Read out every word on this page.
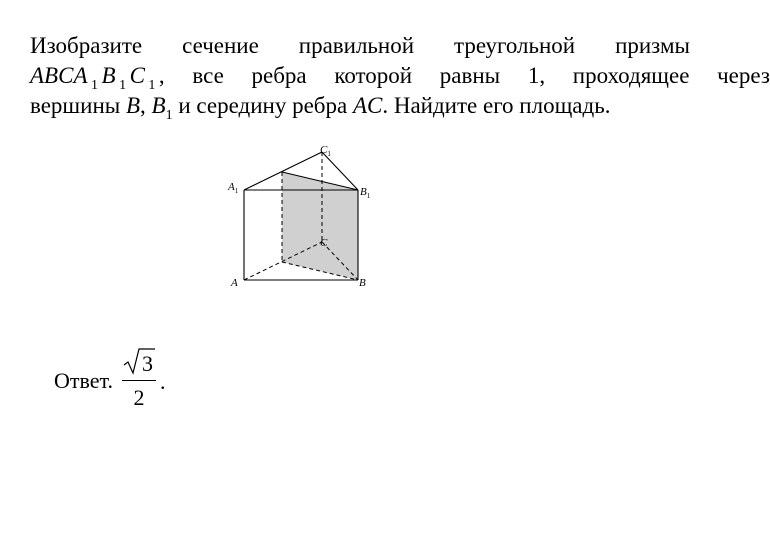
Изобразите сечение правильной треугольной призмы
ABCA $_1$ B $_1$ C $_1$ , все ребра которой равны 1, проходящее через
вершины B, $B_1$ и середину ребра AC. Найдите его площадь.
$C_1$
$A_1$	$B_1$
C
A	B
Ответ.
3
2
.
